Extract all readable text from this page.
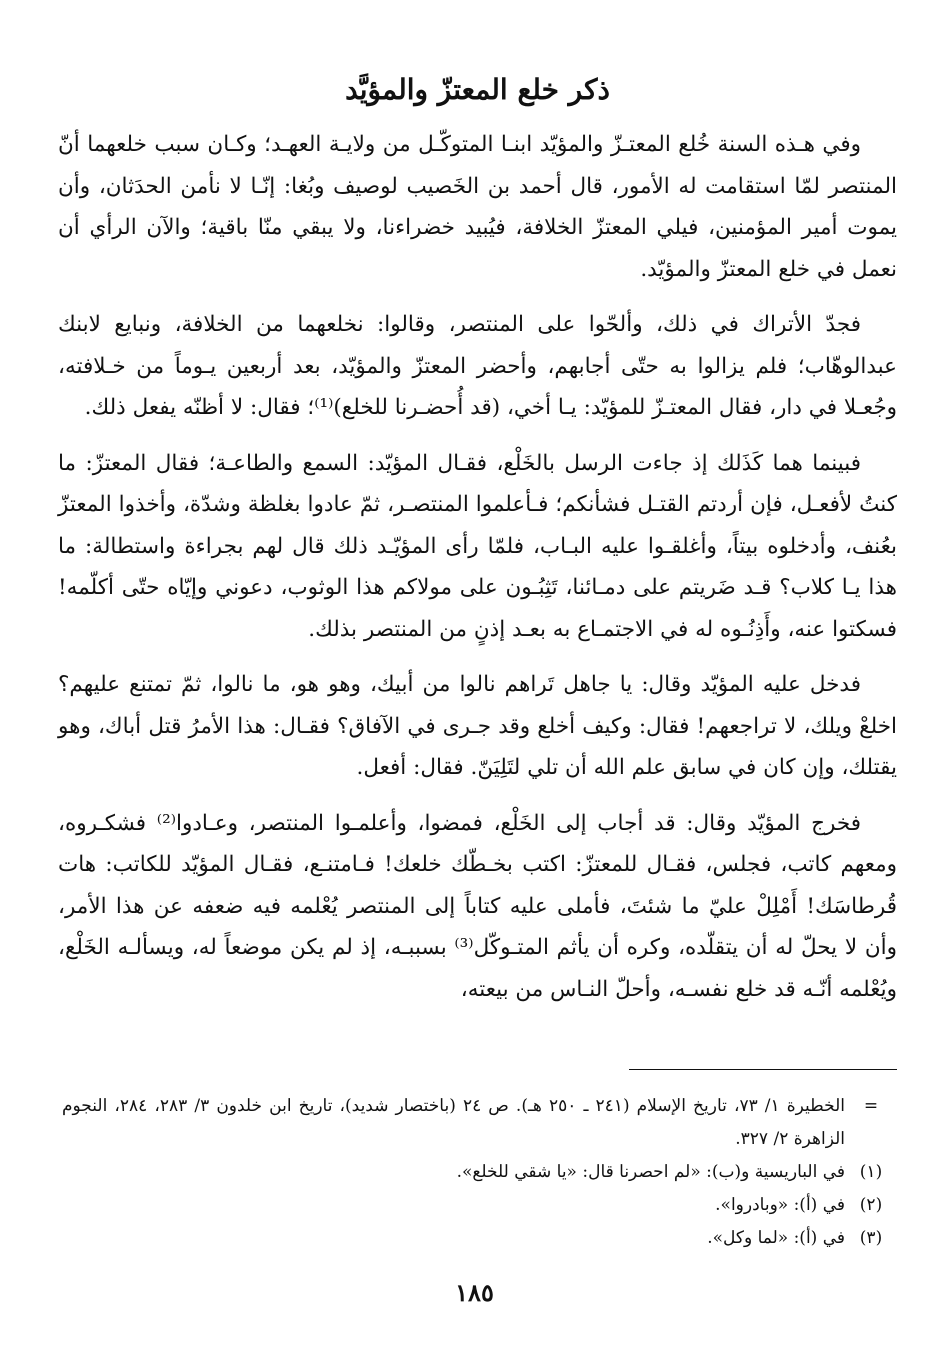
ذكر خلع المعتزّ والمؤيَّد

وفي هـذه السنة خُلع المعتـزّ والمؤيّد ابنـا المتوكّـل من ولايـة العهـد؛ وكـان سبب خلعهما أنّ المنتصر لمّا استقامت له الأمور، قال أحمد بن الخَصيب لوصيف وبُغا: إنّـا لا نأمن الحدَثان، وأن يموت أمير المؤمنين، فيلي المعتزّ الخلافة، فيُبيد خضراءنا، ولا يبقي منّا باقية؛ والآن الرأي أن نعمل في خلع المعتزّ والمؤيّد.

فجدّ الأتراك في ذلك، وألحّوا على المنتصر، وقالوا: نخلعهما من الخلافة، ونبايع لابنك عبدالوهّاب؛ فلم يزالوا به حتّى أجابهم، وأحضر المعتزّ والمؤيّد، بعد أربعين يـوماً من خـلافته، وجُعـلا في دار، فقال المعتـزّ للمؤيّد: يـا أخي، (قد أُحضـرنا للخلع)⁽¹⁾؛ فقال: لا أظنّه يفعل ذلك.

فبينما هما كَذَلك إذ جاءت الرسل بالخَلْع، فقـال المؤيّد: السمع والطاعـة؛ فقال المعتزّ: ما كنتُ لأفعـل، فإن أردتم القتـل فشأنكم؛ فـأعلموا المنتصـر، ثمّ عادوا بغلظة وشدّة، وأخذوا المعتزّ بعُنف، وأدخلوه بيتاً، وأغلقـوا عليه البـاب، فلمّا رأى المؤيّـد ذلك قال لهم بجراءة واستطالة: ما هذا يـا كلاب؟ قـد ضَريتم على دمـائنا، تَثِبُـون على مولاكم هذا الوثوب، دعوني وإيّاه حتّى أكلّمه! فسكتوا عنه، وأَذِنُـوه له في الاجتمـاع به بعـد إذنٍ من المنتصر بذلك.

فدخل عليه المؤيّد وقال: يا جاهل تَراهم نالوا من أبيك، وهو هو، ما نالوا، ثمّ تمتنع عليهم؟ اخلعْ ويلك، لا تراجعهم! فقال: وكيف أخلع وقد جـرى في الآفاق؟ فقـال: هذا الأمرُ قتل أباك، وهو يقتلك، وإن كان في سابق علم الله أن تلي لتَلِيَنّ. فقال: أفعل.

فخرج المؤيّد وقال: قد أجاب إلى الخَلْع، فمضوا، وأعلمـوا المنتصر، وعـادوا⁽²⁾ فشكـروه، ومعهم كاتب، فجلس، فقـال للمعتزّ: اكتب بخـطّك خلعك! فـامتنـع، فقـال المؤيّد للكاتب: هات قُرطاسَك! أَمْلِلْ عليّ ما شئتَ، فأملى عليه كتاباً إلى المنتصر يُعْلمه فيه ضعفه عن هذا الأمر، وأن لا يحلّ له أن يتقلّده، وكره أن يأثم المتـوكّل⁽³⁾ بسببـه، إذ لم يكن موضعاً له، ويسألـه الخَلْع، ويُعْلمه أنّـه قد خلع نفسـه، وأحلّ النـاس من بيعته،

=
الخطيرة ١/ ٧٣، تاريخ الإسلام (٢٤١ ـ ٢٥٠ هـ). ص ٢٤ (باختصار شديد)، تاريخ ابن خلدون ٣/ ٢٨٣، ٢٨٤، النجوم الزاهرة ٢/ ٣٢٧.
(١)
في الباريسية و(ب): «لم احصرنا قال: «يا شقي للخلع».
(٢)
في (أ): «وبادروا».
(٣)
في (أ): «لما وكل».
١٨٥
